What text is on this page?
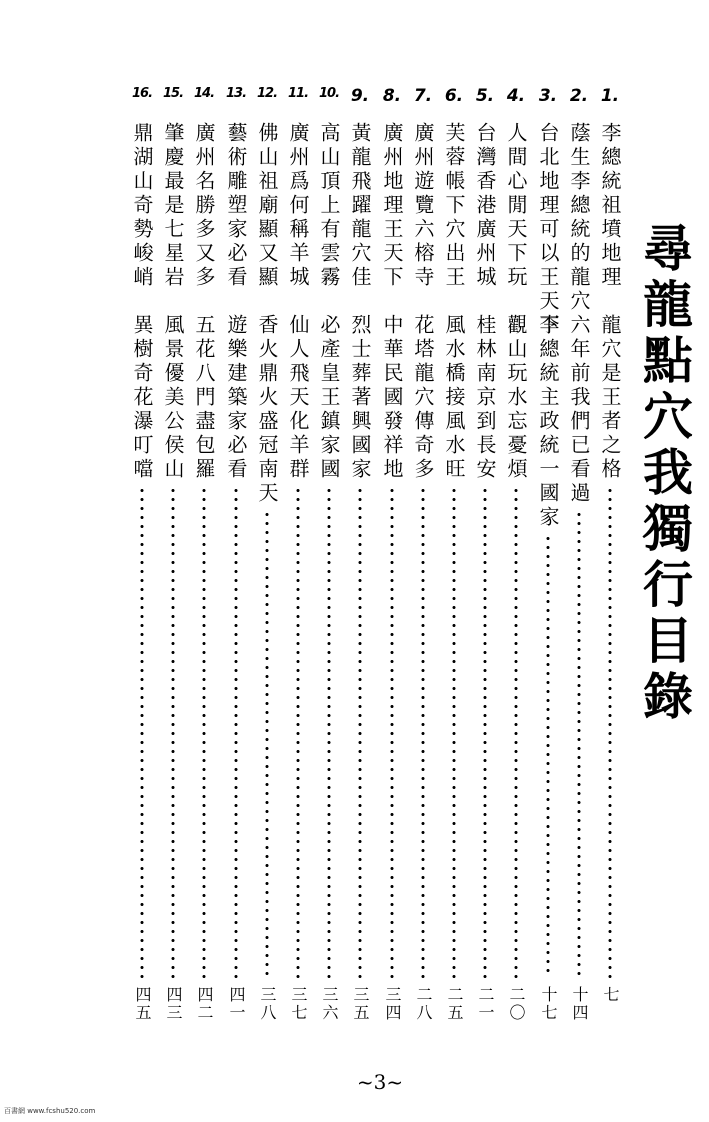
尋龍點穴我獨行目錄
1.
李總統祖墳地理
龍穴是王者之格
七
2.
蔭生李總統的龍穴
六年前我們已看過
十四
3.
台北地理可以王天下
李總統主政統一國家
十七
4.
人間心閒天下玩
觀山玩水忘憂煩
二〇
5.
台灣香港廣州城
桂林南京到長安
二一
6.
芙蓉帳下穴出王
風水橋接風水旺
二五
7.
廣州遊覽六榕寺
花塔龍穴傳奇多
二八
8.
廣州地理王天下
中華民國發祥地
三四
9.
黃龍飛躍龍穴佳
烈士葬著興國家
三五
10.
高山頂上有雲霧
必產皇王鎮家國
三六
11.
廣州爲何稱羊城
仙人飛天化羊群
三七
12.
佛山祖廟顯又顯
香火鼎火盛冠南天
三八
13.
藝術雕塑家必看
遊樂建築家必看
四一
14.
廣州名勝多又多
五花八門盡包羅
四二
15.
肇慶最是七星岩
風景優美公侯山
四三
16.
鼎湖山奇勢峻峭
異樹奇花瀑叮噹
四五
~3~
百書網 www.fcshu520.com
